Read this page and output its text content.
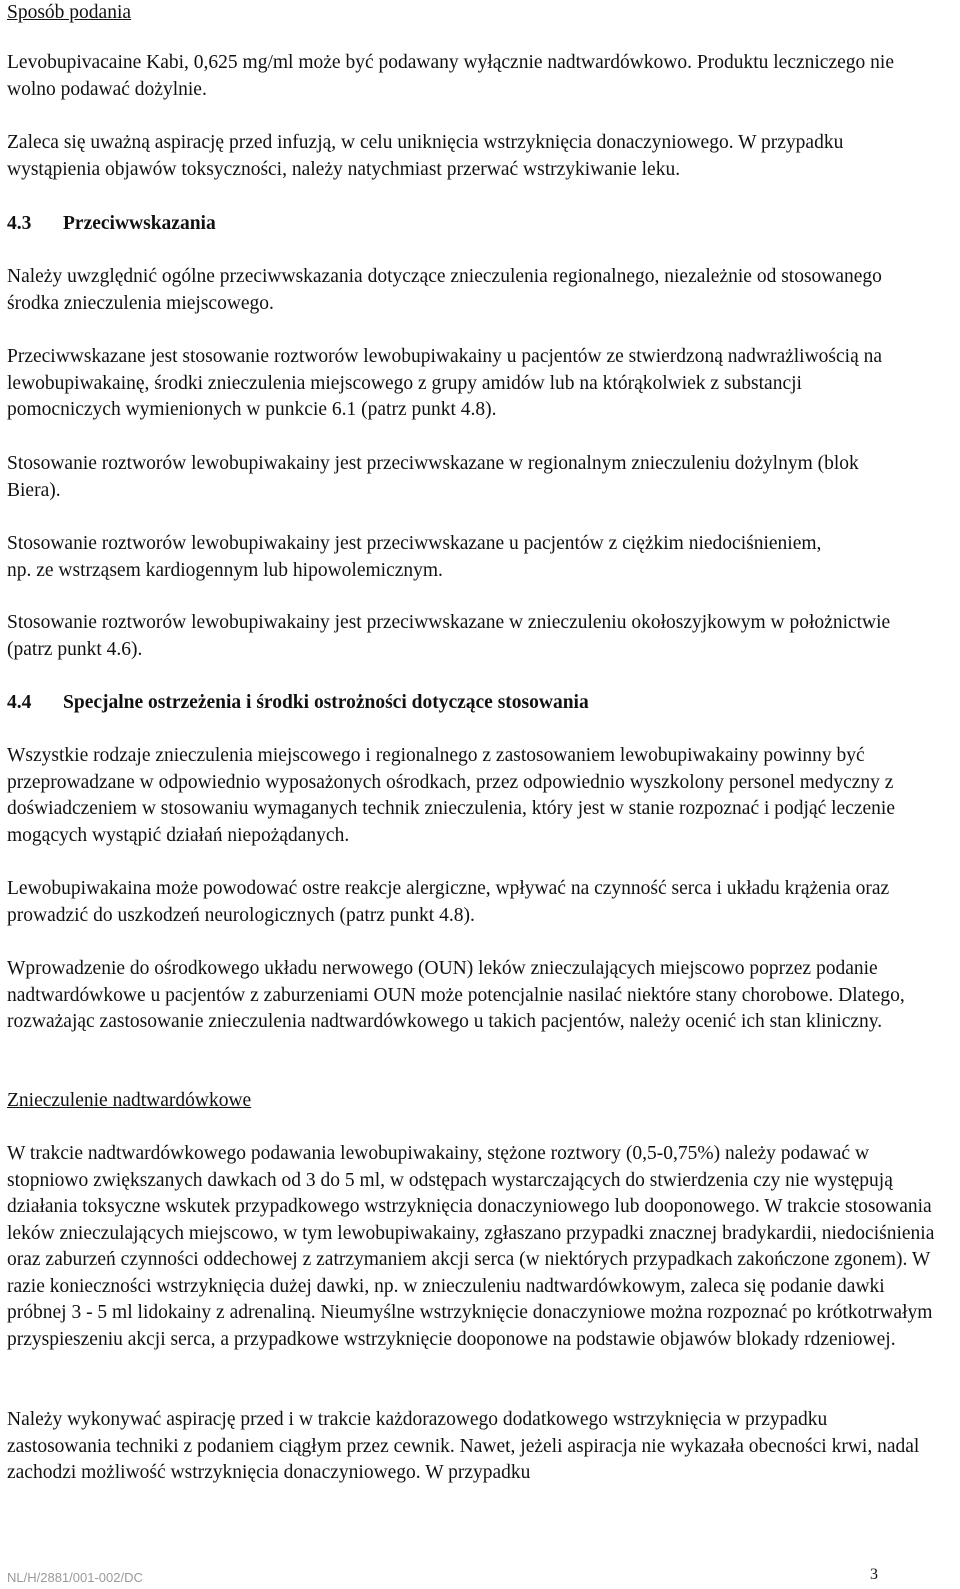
Sposób podania

Levobupivacaine Kabi, 0,625 mg/ml może być podawany wyłącznie nadtwardówkowo. Produktu leczniczego nie wolno podawać dożylnie.

Zaleca się uważną aspirację przed infuzją, w celu uniknięcia wstrzyknięcia donaczyniowego. W przypadku wystąpienia objawów toksyczności, należy natychmiast przerwać wstrzykiwanie leku.

4.3 Przeciwwskazania

Należy uwzględnić ogólne przeciwwskazania dotyczące znieczulenia regionalnego, niezależnie od stosowanego środka znieczulenia miejscowego.

Przeciwwskazane jest stosowanie roztworów lewobupiwakainy u pacjentów ze stwierdzoną nadwrażliwością na lewobupiwakainę, środki znieczulenia miejscowego z grupy amidów lub na którąkolwiek z substancji pomocniczych wymienionych w punkcie 6.1 (patrz punkt 4.8).

Stosowanie roztworów lewobupiwakainy jest przeciwwskazane w regionalnym znieczuleniu dożylnym (blok Biera).

Stosowanie roztworów lewobupiwakainy jest przeciwwskazane u pacjentów z ciężkim niedociśnieniem, np. ze wstrząsem kardiogennym lub hipowolemicznym.

Stosowanie roztworów lewobupiwakainy jest przeciwwskazane w znieczuleniu okołoszyjkowym w położnictwie (patrz punkt 4.6).

4.4 Specjalne ostrzeżenia i środki ostrożności dotyczące stosowania

Wszystkie rodzaje znieczulenia miejscowego i regionalnego z zastosowaniem lewobupiwakainy powinny być przeprowadzane w odpowiednio wyposażonych ośrodkach, przez odpowiednio wyszkolony personel medyczny z doświadczeniem w stosowaniu wymaganych technik znieczulenia, który jest w stanie rozpoznać i podjąć leczenie mogących wystąpić działań niepożądanych.

Lewobupiwakaina może powodować ostre reakcje alergiczne, wpływać na czynność serca i układu krążenia oraz prowadzić do uszkodzeń neurologicznych (patrz punkt 4.8).

Wprowadzenie do ośrodkowego układu nerwowego (OUN) leków znieczulających miejscowo poprzez podanie nadtwardówkowe u pacjentów z zaburzeniami OUN może potencjalnie nasilać niektóre stany chorobowe. Dlatego, rozważając zastosowanie znieczulenia nadtwardówkowego u takich pacjentów, należy ocenić ich stan kliniczny.

Znieczulenie nadtwardówkowe

W trakcie nadtwardówkowego podawania lewobupiwakainy, stężone roztwory (0,5-0,75%) należy podawać w stopniowo zwiększanych dawkach od 3 do 5 ml, w odstępach wystarczających do stwierdzenia czy nie występują działania toksyczne wskutek przypadkowego wstrzyknięcia donaczyniowego lub dooponowego. W trakcie stosowania leków znieczulających miejscowo, w tym lewobupiwakainy, zgłaszano przypadki znacznej bradykardii, niedociśnienia oraz zaburzeń czynności oddechowej z zatrzymaniem akcji serca (w niektórych przypadkach zakończone zgonem). W razie konieczności wstrzyknięcia dużej dawki, np. w znieczuleniu nadtwardówkowym, zaleca się podanie dawki próbnej 3 - 5 ml lidokainy z adrenaliną. Nieumyślne wstrzyknięcie donaczyniowe można rozpoznać po krótkotrwałym przyspieszeniu akcji serca, a przypadkowe wstrzyknięcie dooponowe na podstawie objawów blokady rdzeniowej.

Należy wykonywać aspirację przed i w trakcie każdorazowego dodatkowego wstrzyknięcia w przypadku zastosowania techniki z podaniem ciągłym przez cewnik. Nawet, jeżeli aspiracja nie wykazała obecności krwi, nadal zachodzi możliwość wstrzyknięcia donaczyniowego. W przypadku

NL/H/2881/001-002/DC	3
